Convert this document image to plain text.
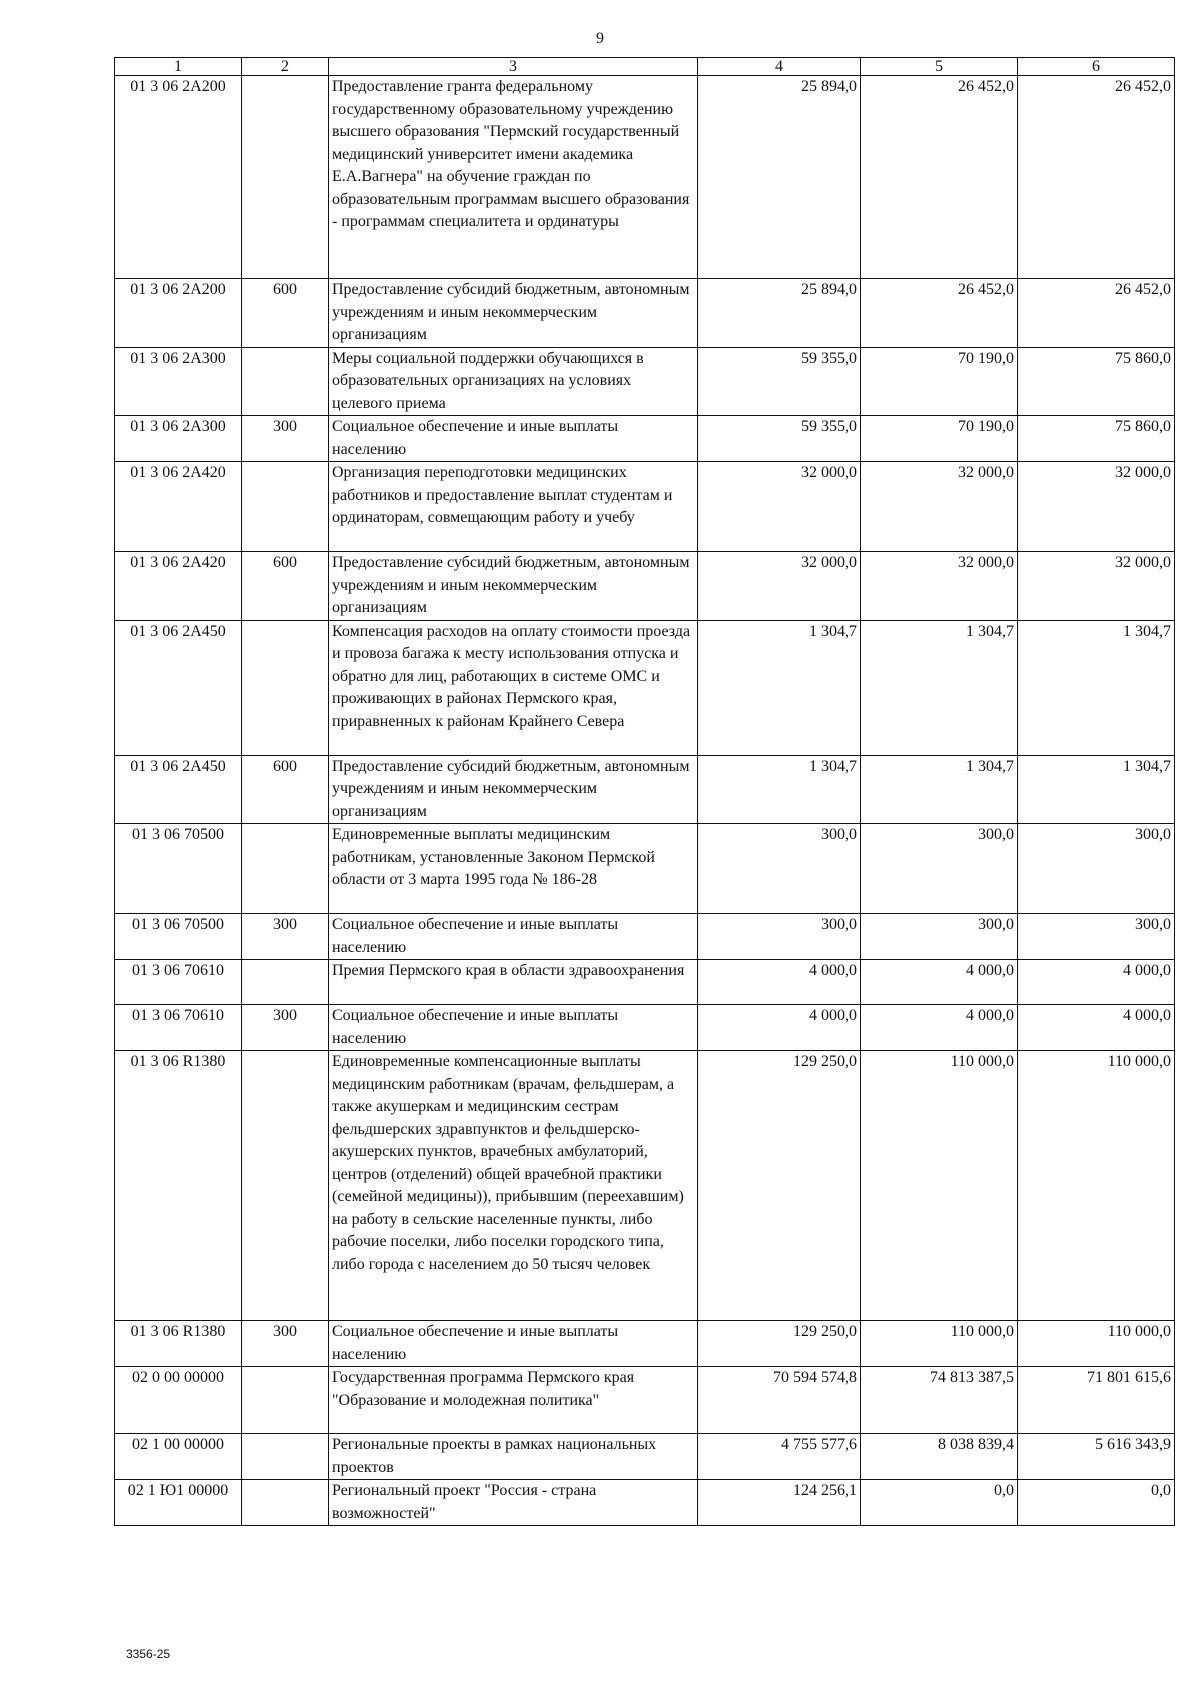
9
1	2	3	4	5	6
01 3 06 2А200		Предоставление гранта федеральному государственному образовательному учреждению высшего образования "Пермский государственный медицинский университет имени академика Е.А.Вагнера" на обучение граждан по образовательным программам высшего образования - программам специалитета и ординатуры	25 894,0	26 452,0	26 452,0
01 3 06 2А200	600	Предоставление субсидий бюджетным, автономным учреждениям и иным некоммерческим организациям	25 894,0	26 452,0	26 452,0
01 3 06 2А300		Меры социальной поддержки обучающихся в образовательных организациях на условиях целевого приема	59 355,0	70 190,0	75 860,0
01 3 06 2А300	300	Социальное обеспечение и иные выплаты населению	59 355,0	70 190,0	75 860,0
01 3 06 2А420		Организация переподготовки медицинских работников и предоставление выплат студентам и ординаторам, совмещающим работу и учебу	32 000,0	32 000,0	32 000,0
01 3 06 2А420	600	Предоставление субсидий бюджетным, автономным учреждениям и иным некоммерческим организациям	32 000,0	32 000,0	32 000,0
01 3 06 2А450		Компенсация расходов на оплату стоимости проезда и провоза багажа к месту использования отпуска и обратно для лиц, работающих в системе ОМС и проживающих в районах Пермского края, приравненных к районам Крайнего Севера	1 304,7	1 304,7	1 304,7
01 3 06 2А450	600	Предоставление субсидий бюджетным, автономным учреждениям и иным некоммерческим организациям	1 304,7	1 304,7	1 304,7
01 3 06 70500		Единовременные выплаты медицинским работникам, установленные Законом Пермской области от 3 марта 1995 года № 186-28	300,0	300,0	300,0
01 3 06 70500	300	Социальное обеспечение и иные выплаты населению	300,0	300,0	300,0
01 3 06 70610		Премия Пермского края в области здравоохранения	4 000,0	4 000,0	4 000,0
01 3 06 70610	300	Социальное обеспечение и иные выплаты населению	4 000,0	4 000,0	4 000,0
01 3 06 R1380		Единовременные компенсационные выплаты медицинским работникам (врачам, фельдшерам, а также акушеркам и медицинским сестрам фельдшерских здравпунктов и фельдшерско-акушерских пунктов, врачебных амбулаторий, центров (отделений) общей врачебной практики (семейной медицины)), прибывшим (переехавшим) на работу в сельские населенные пункты, либо рабочие поселки, либо поселки городского типа, либо города с населением до 50 тысяч человек	129 250,0	110 000,0	110 000,0
01 3 06 R1380	300	Социальное обеспечение и иные выплаты населению	129 250,0	110 000,0	110 000,0
02 0 00 00000		Государственная программа Пермского края "Образование и молодежная политика"	70 594 574,8	74 813 387,5	71 801 615,6
02 1 00 00000		Региональные проекты в рамках национальных проектов	4 755 577,6	8 038 839,4	5 616 343,9
02 1 Ю1 00000		Региональный проект "Россия - страна возможностей"	124 256,1	0,0	0,0
3356-25
